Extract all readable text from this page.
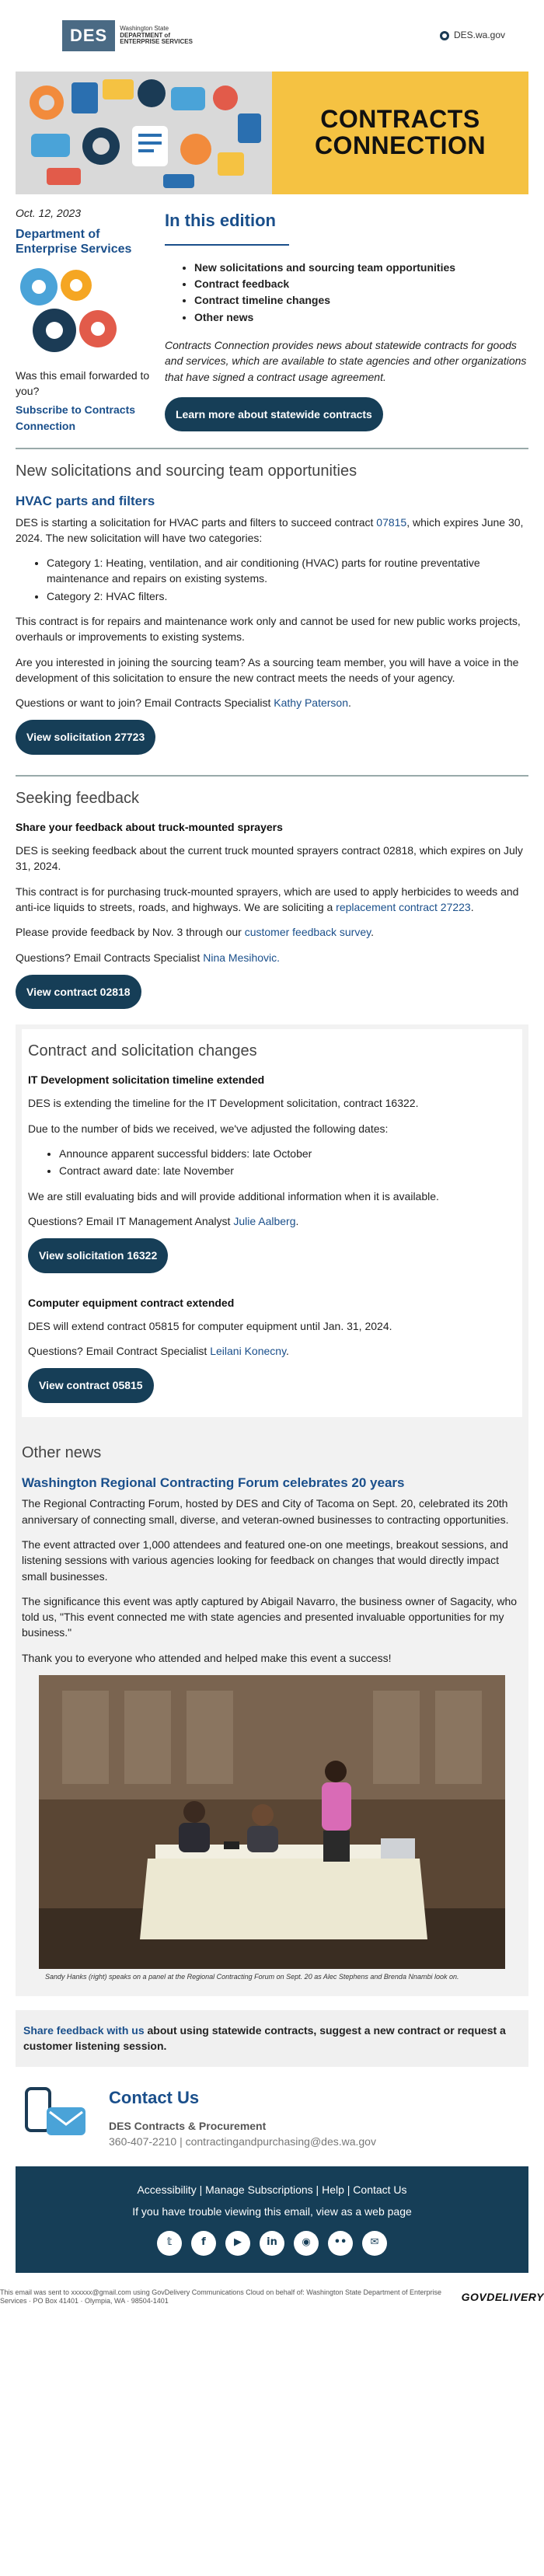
DES	Washington State
DEPARTMENT of
ENTERPRISE SERVICES
DES.wa.gov
CONTRACTS
CONNECTION
Oct. 12, 2023
Department of Enterprise Services
Was this email forwarded to you?
Subscribe to Contracts Connection
In this edition
• New solicitations and sourcing team opportunities
• Contract feedback
• Contract timeline changes
• Other news
Contracts Connection provides news about statewide contracts for goods and services, which are available to state agencies and other organizations that have signed a contract usage agreement.
Learn more about statewide contracts
New solicitations and sourcing team opportunities
HVAC parts and filters

DES is starting a solicitation for HVAC parts and filters to succeed contract 07815, which expires June 30, 2024. The new solicitation will have two categories:

• Category 1: Heating, ventilation, and air conditioning (HVAC) parts for routine preventative maintenance and repairs on existing systems.
• Category 2: HVAC filters.

This contract is for repairs and maintenance work only and cannot be used for new public works projects, overhauls or improvements to existing systems.

Are you interested in joining the sourcing team? As a sourcing team member, you will have a voice in the development of this solicitation to ensure the new contract meets the needs of your agency.

Questions or want to join? Email Contracts Specialist Kathy Paterson.

View solicitation 27723
Seeking feedback
Share your feedback about truck-mounted sprayers

DES is seeking feedback about the current truck mounted sprayers contract 02818, which expires on July 31, 2024.

This contract is for purchasing truck-mounted sprayers, which are used to apply herbicides to weeds and anti-ice liquids to streets, roads, and highways. We are soliciting a replacement contract 27223.

Please provide feedback by Nov. 3 through our customer feedback survey.

Questions? Email Contracts Specialist Nina Mesihovic.

View contract 02818
Contract and solicitation changes
IT Development solicitation timeline extended

DES is extending the timeline for the IT Development solicitation, contract 16322.

Due to the number of bids we received, we've adjusted the following dates:

• Announce apparent successful bidders: late October
• Contract award date: late November

We are still evaluating bids and will provide additional information when it is available.

Questions? Email IT Management Analyst Julie Aalberg.

View solicitation 16322
Computer equipment contract extended

DES will extend contract 05815 for computer equipment until Jan. 31, 2024.

Questions? Email Contract Specialist Leilani Konecny.

View contract 05815
Other news
Washington Regional Contracting Forum celebrates 20 years

The Regional Contracting Forum, hosted by DES and City of Tacoma on Sept. 20, celebrated its 20th anniversary of connecting small, diverse, and veteran-owned businesses to contracting opportunities.

The event attracted over 1,000 attendees and featured one-on one meetings, breakout sessions, and listening sessions with various agencies looking for feedback on changes that would directly impact small businesses.

The significance this event was aptly captured by Abigail Navarro, the business owner of Sagacity, who told us, "This event connected me with state agencies and presented invaluable opportunities for my business."

Thank you to everyone who attended and helped make this event a success!

Sandy Hanks (right) speaks on a panel at the Regional Contracting Forum on Sept. 20 as Alec Stephens and Brenda Nnambi look on.
Share feedback with us about using statewide contracts, suggest a new contract or request a customer listening session.
Contact Us
DES Contracts & Procurement
360-407-2210 | contractingandpurchasing@des.wa.gov
Accessibility | Manage Subscriptions | Help | Contact Us
If you have trouble viewing this email, view as a web page
𝕥	f	▶	in	◉	••	✉
This email was sent to xxxxxx@gmail.com using GovDelivery Communications Cloud on behalf of: Washington State Department of Enterprise Services · PO Box 41401 · Olympia, WA · 98504-1401	GOVDELIVERY
